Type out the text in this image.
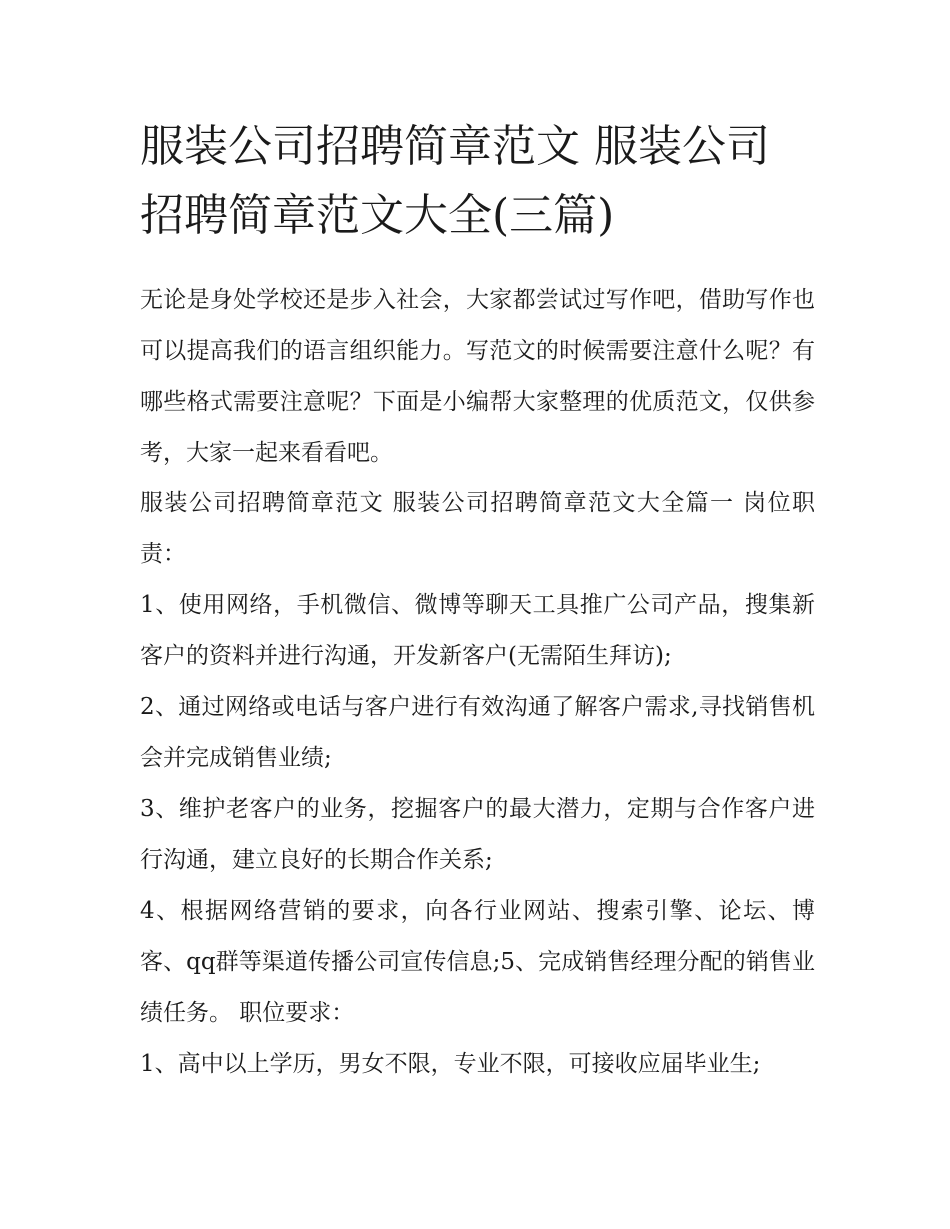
服装公司招聘简章范文 服装公司招聘简章范文大全(三篇)

无论是身处学校还是步入社会，大家都尝试过写作吧，借助写作也可以提高我们的语言组织能力。写范文的时候需要注意什么呢？有哪些格式需要注意呢？下面是小编帮大家整理的优质范文，仅供参考，大家一起来看看吧。

服装公司招聘简章范文 服装公司招聘简章范文大全篇一 岗位职责：

1、使用网络，手机微信、微博等聊天工具推广公司产品，搜集新客户的资料并进行沟通，开发新客户(无需陌生拜访);

2、通过网络或电话与客户进行有效沟通了解客户需求,寻找销售机会并完成销售业绩;

3、维护老客户的业务，挖掘客户的最大潜力，定期与合作客户进行沟通，建立良好的长期合作关系;

4、根据网络营销的要求，向各行业网站、搜索引擎、论坛、博客、qq群等渠道传播公司宣传信息;5、完成销售经理分配的销售业绩任务。 职位要求：

1、高中以上学历，男女不限，专业不限，可接收应届毕业生;
